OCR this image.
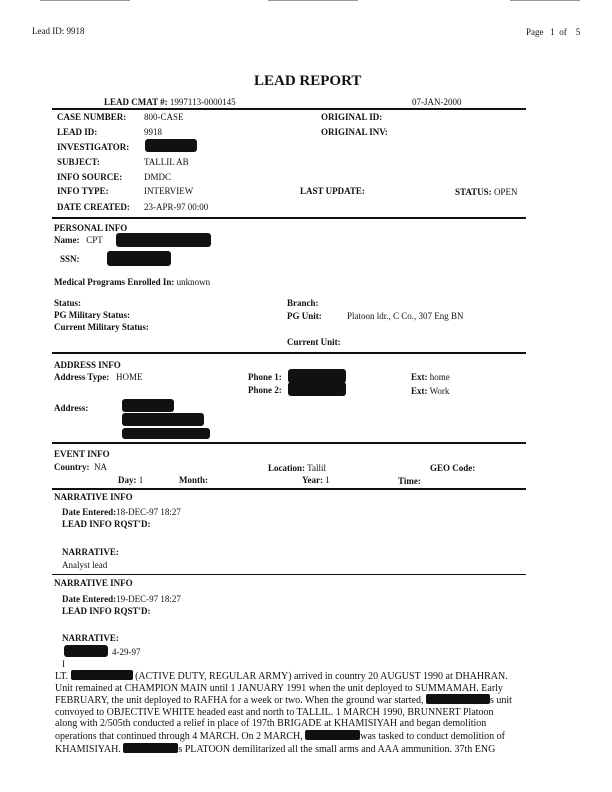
Lead ID: 9918	Page 1 of 5
LEAD REPORT
LEAD CMAT #: 1997113-0000145	07-JAN-2000
CASE NUMBER: 800-CASE
LEAD ID:	9918
INVESTIGATOR:
SUBJECT:	TALLIL AB
INFO SOURCE: DMDC
INFO TYPE:	INTERVIEW
DATE CREATED: 23-APR-97 00:00
ORIGINAL ID:
ORIGINAL INV:
LAST UPDATE:	STATUS: OPEN
PERSONAL INFO
Name: CPT
SSN:
Medical Programs Enrolled In: unknown
Status:
PG Military Status:
Current Military Status:
Branch:
PG Unit:	Platoon ldr., C Co., 307 Eng BN
Current Unit:
ADDRESS INFO
Address Type: HOME
Address:
Phone 1:
Phone 2:
Ext: home
Ext: Work
EVENT INFO
Country: NA	Location: Tallil	GEO Code:
Day: 1	Month:	Year: 1	Time:
NARRATIVE INFO
Date Entered:18-DEC-97 18:27
LEAD INFO RQST'D:
NARRATIVE:
Analyst lead
NARRATIVE INFO
Date Entered:19-DEC-97 18:27
LEAD INFO RQST'D:
NARRATIVE:
4-29-97
I
LT.	(ACTIVE DUTY, REGULAR ARMY) arrived in country 20 AUGUST 1990 at DHAHRAN.
Unit remained at CHAMPION MAIN until 1 JANUARY 1991 when the unit deployed to SUMMAMAH. Early
FEBRUARY, the unit deployed to RAFHA for a week or two. When the ground war started,	s unit
convoyed to OBJECTIVE WHITE headed east and north to TALLIL. 1 MARCH 1990, BRUNNERT Platoon
along with 2/505th conducted a relief in place of 197th BRIGADE at KHAMISIYAH and began demolition
operations that continued through 4 MARCH. On 2 MARCH,	was tasked to conduct demolition of
KHAMISIYAH.	s PLATOON demilitarized all the small arms and AAA ammunition. 37th ENG
